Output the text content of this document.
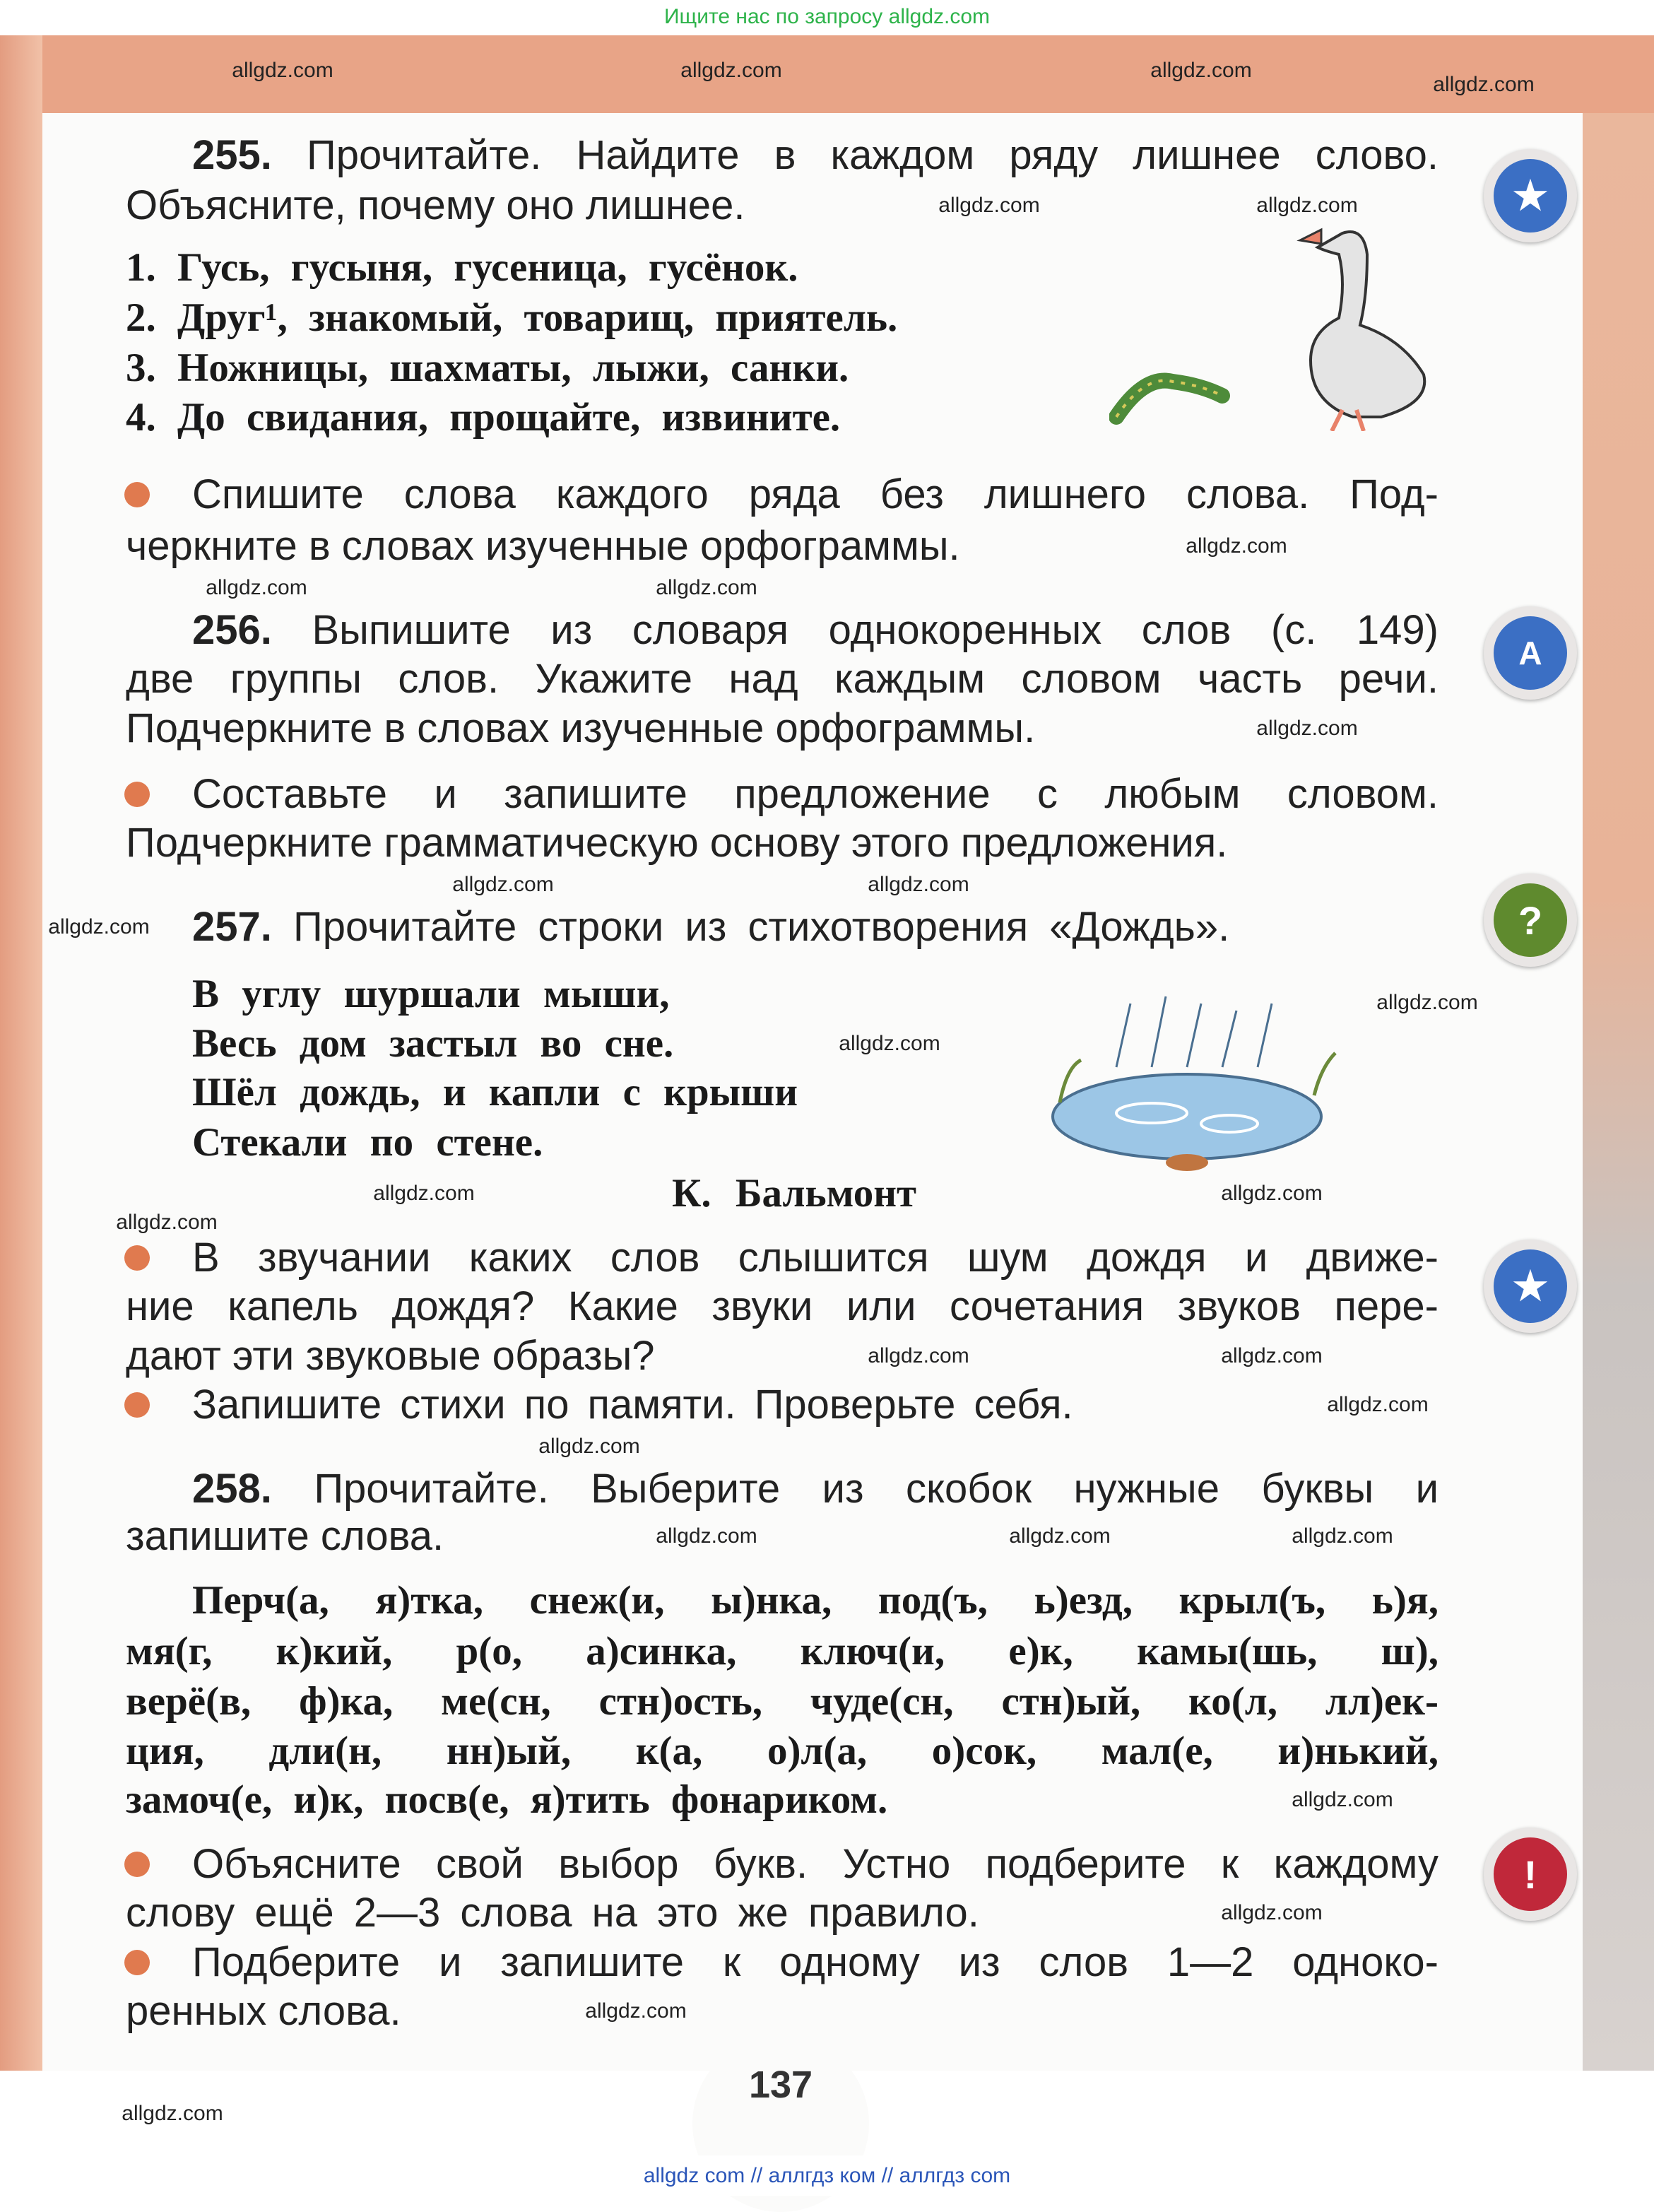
Ищите нас по запросу allgdz.com
255. Прочитайте. Найдите в каждом ряду лишнее слово.
Объясните, почему оно лишнее.
1. Гусь, гусыня, гусеница, гусёнок.
2. Друг¹, знакомый, товарищ, приятель.
3. Ножницы, шахматы, лыжи, санки.
4. До свидания, прощайте, извините.
Спишите слова каждого ряда без лишнего слова. Под-
черкните в словах изученные орфограммы.
256. Выпишите из словаря однокоренных слов (с. 149)
две группы слов. Укажите над каждым словом часть речи.
Подчеркните в словах изученные орфограммы.
Составьте и запишите предложение с любым словом.
Подчеркните грамматическую основу этого предложения.
257. Прочитайте строки из стихотворения «Дождь».
В углу шуршали мыши,
Весь дом застыл во сне.
Шёл дождь, и капли с крыши
Стекали по стене.
К. Бальмонт
В звучании каких слов слышится шум дождя и движе-
ние капель дождя? Какие звуки или сочетания звуков пере-
дают эти звуковые образы?
Запишите стихи по памяти. Проверьте себя.
258. Прочитайте. Выберите из скобок нужные буквы и
запишите слова.
Перч(а, я)тка, снеж(и, ы)нка, под(ъ, ь)езд, крыл(ъ, ь)я,
мя(г, к)кий, р(о, а)синка, ключ(и, е)к, камы(шь, ш),
верё(в, ф)ка, ме(сн, стн)ость, чуде(сн, стн)ый, ко(л, лл)ек-
ция, дли(н, нн)ый, к(а, о)л(а, о)сок, мал(е, и)нький,
замоч(е, и)к, посв(е, я)тить фонариком.
Объясните свой выбор букв. Устно подберите к каждому
слову ещё 2—3 слова на это же правило.
Подберите и запишите к одному из слов 1—2 одноко-
ренных слова.
★
A
?
★
!
137
allgdz com // аллгдз ком // аллгдз com
allgdz.com	allgdz.com	allgdz.com
allgdz.com
allgdz.com	allgdz.com
allgdz.com
allgdz.com	allgdz.com
allgdz.com
allgdz.com	allgdz.com
allgdz.com
allgdz.com
allgdz.com
allgdz.com	allgdz.com
allgdz.com
allgdz.com	allgdz.com
allgdz.com
allgdz.com
allgdz.com	allgdz.com	allgdz.com
allgdz.com
allgdz.com
allgdz.com
allgdz.com
